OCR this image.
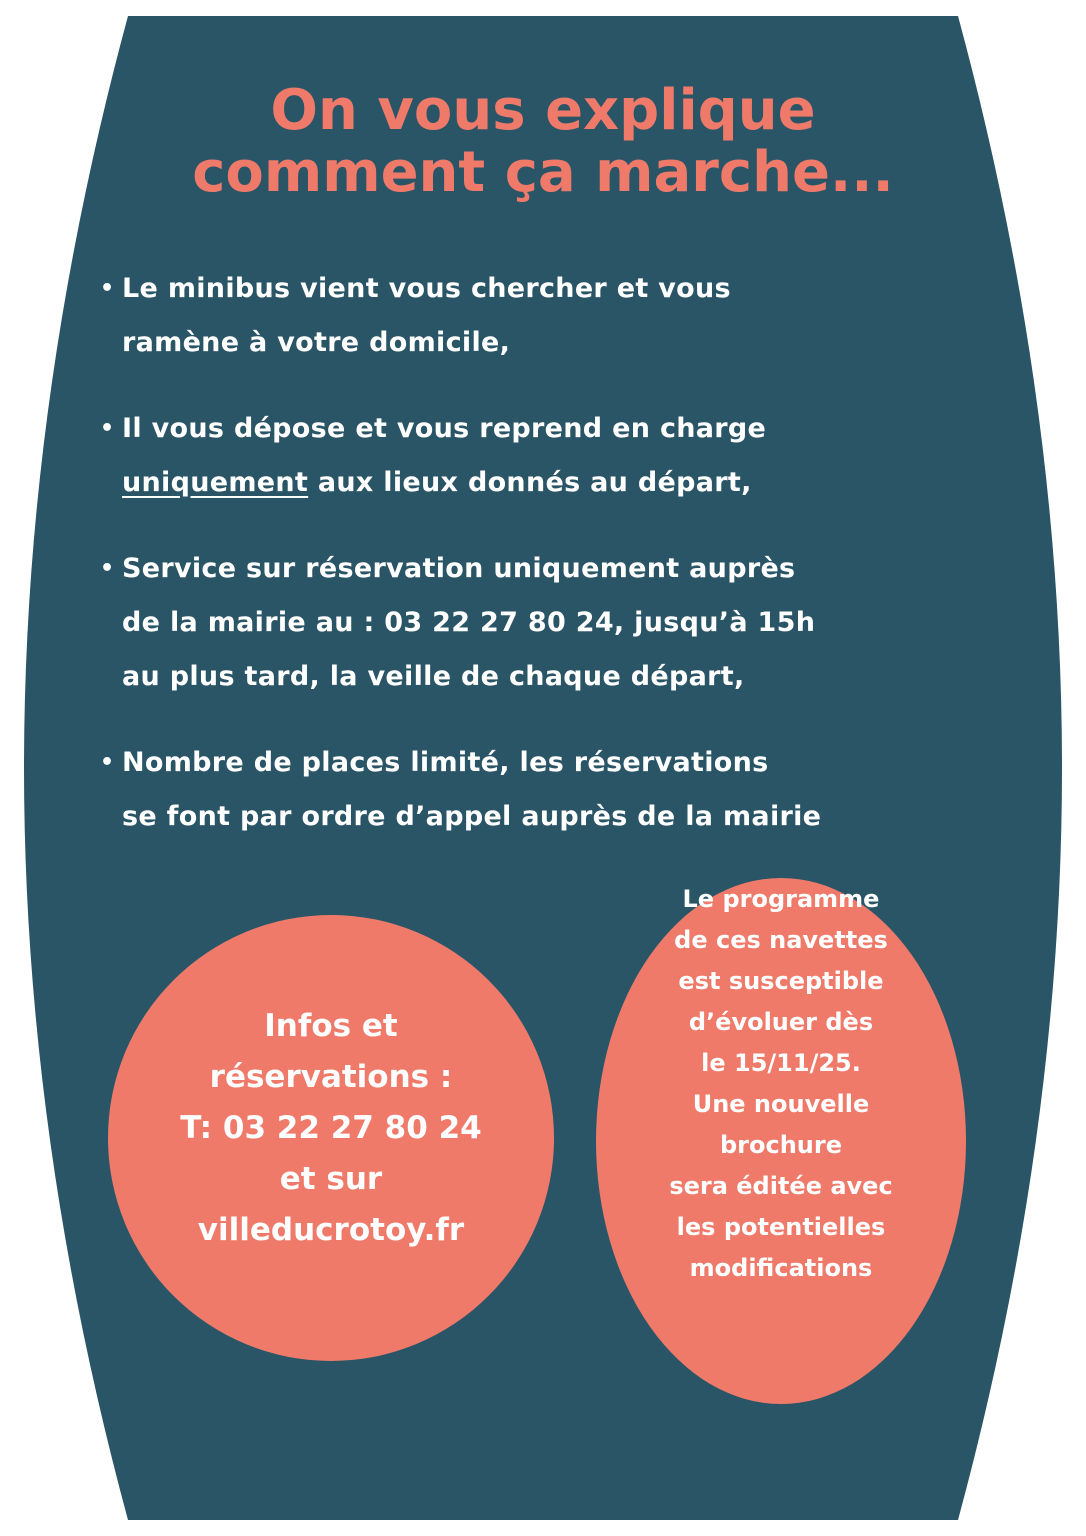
On vous explique
comment ça marche...
• Le minibus vient vous chercher et vous
ramène à votre domicile,
• Il vous dépose et vous reprend en charge
uniquement aux lieux donnés au départ,
• Service sur réservation uniquement auprès
de la mairie au : 03 22 27 80 24, jusqu’à 15h
au plus tard, la veille de chaque départ,
• Nombre de places limité, les réservations
se font par ordre d’appel auprès de la mairie
Infos et
réservations :
T: 03 22 27 80 24
et sur
villeducrotoy.fr
Le programme
de ces navettes
est susceptible
d’évoluer dès
le 15/11/25.
Une nouvelle
brochure
sera éditée avec
les potentielles
modifications
